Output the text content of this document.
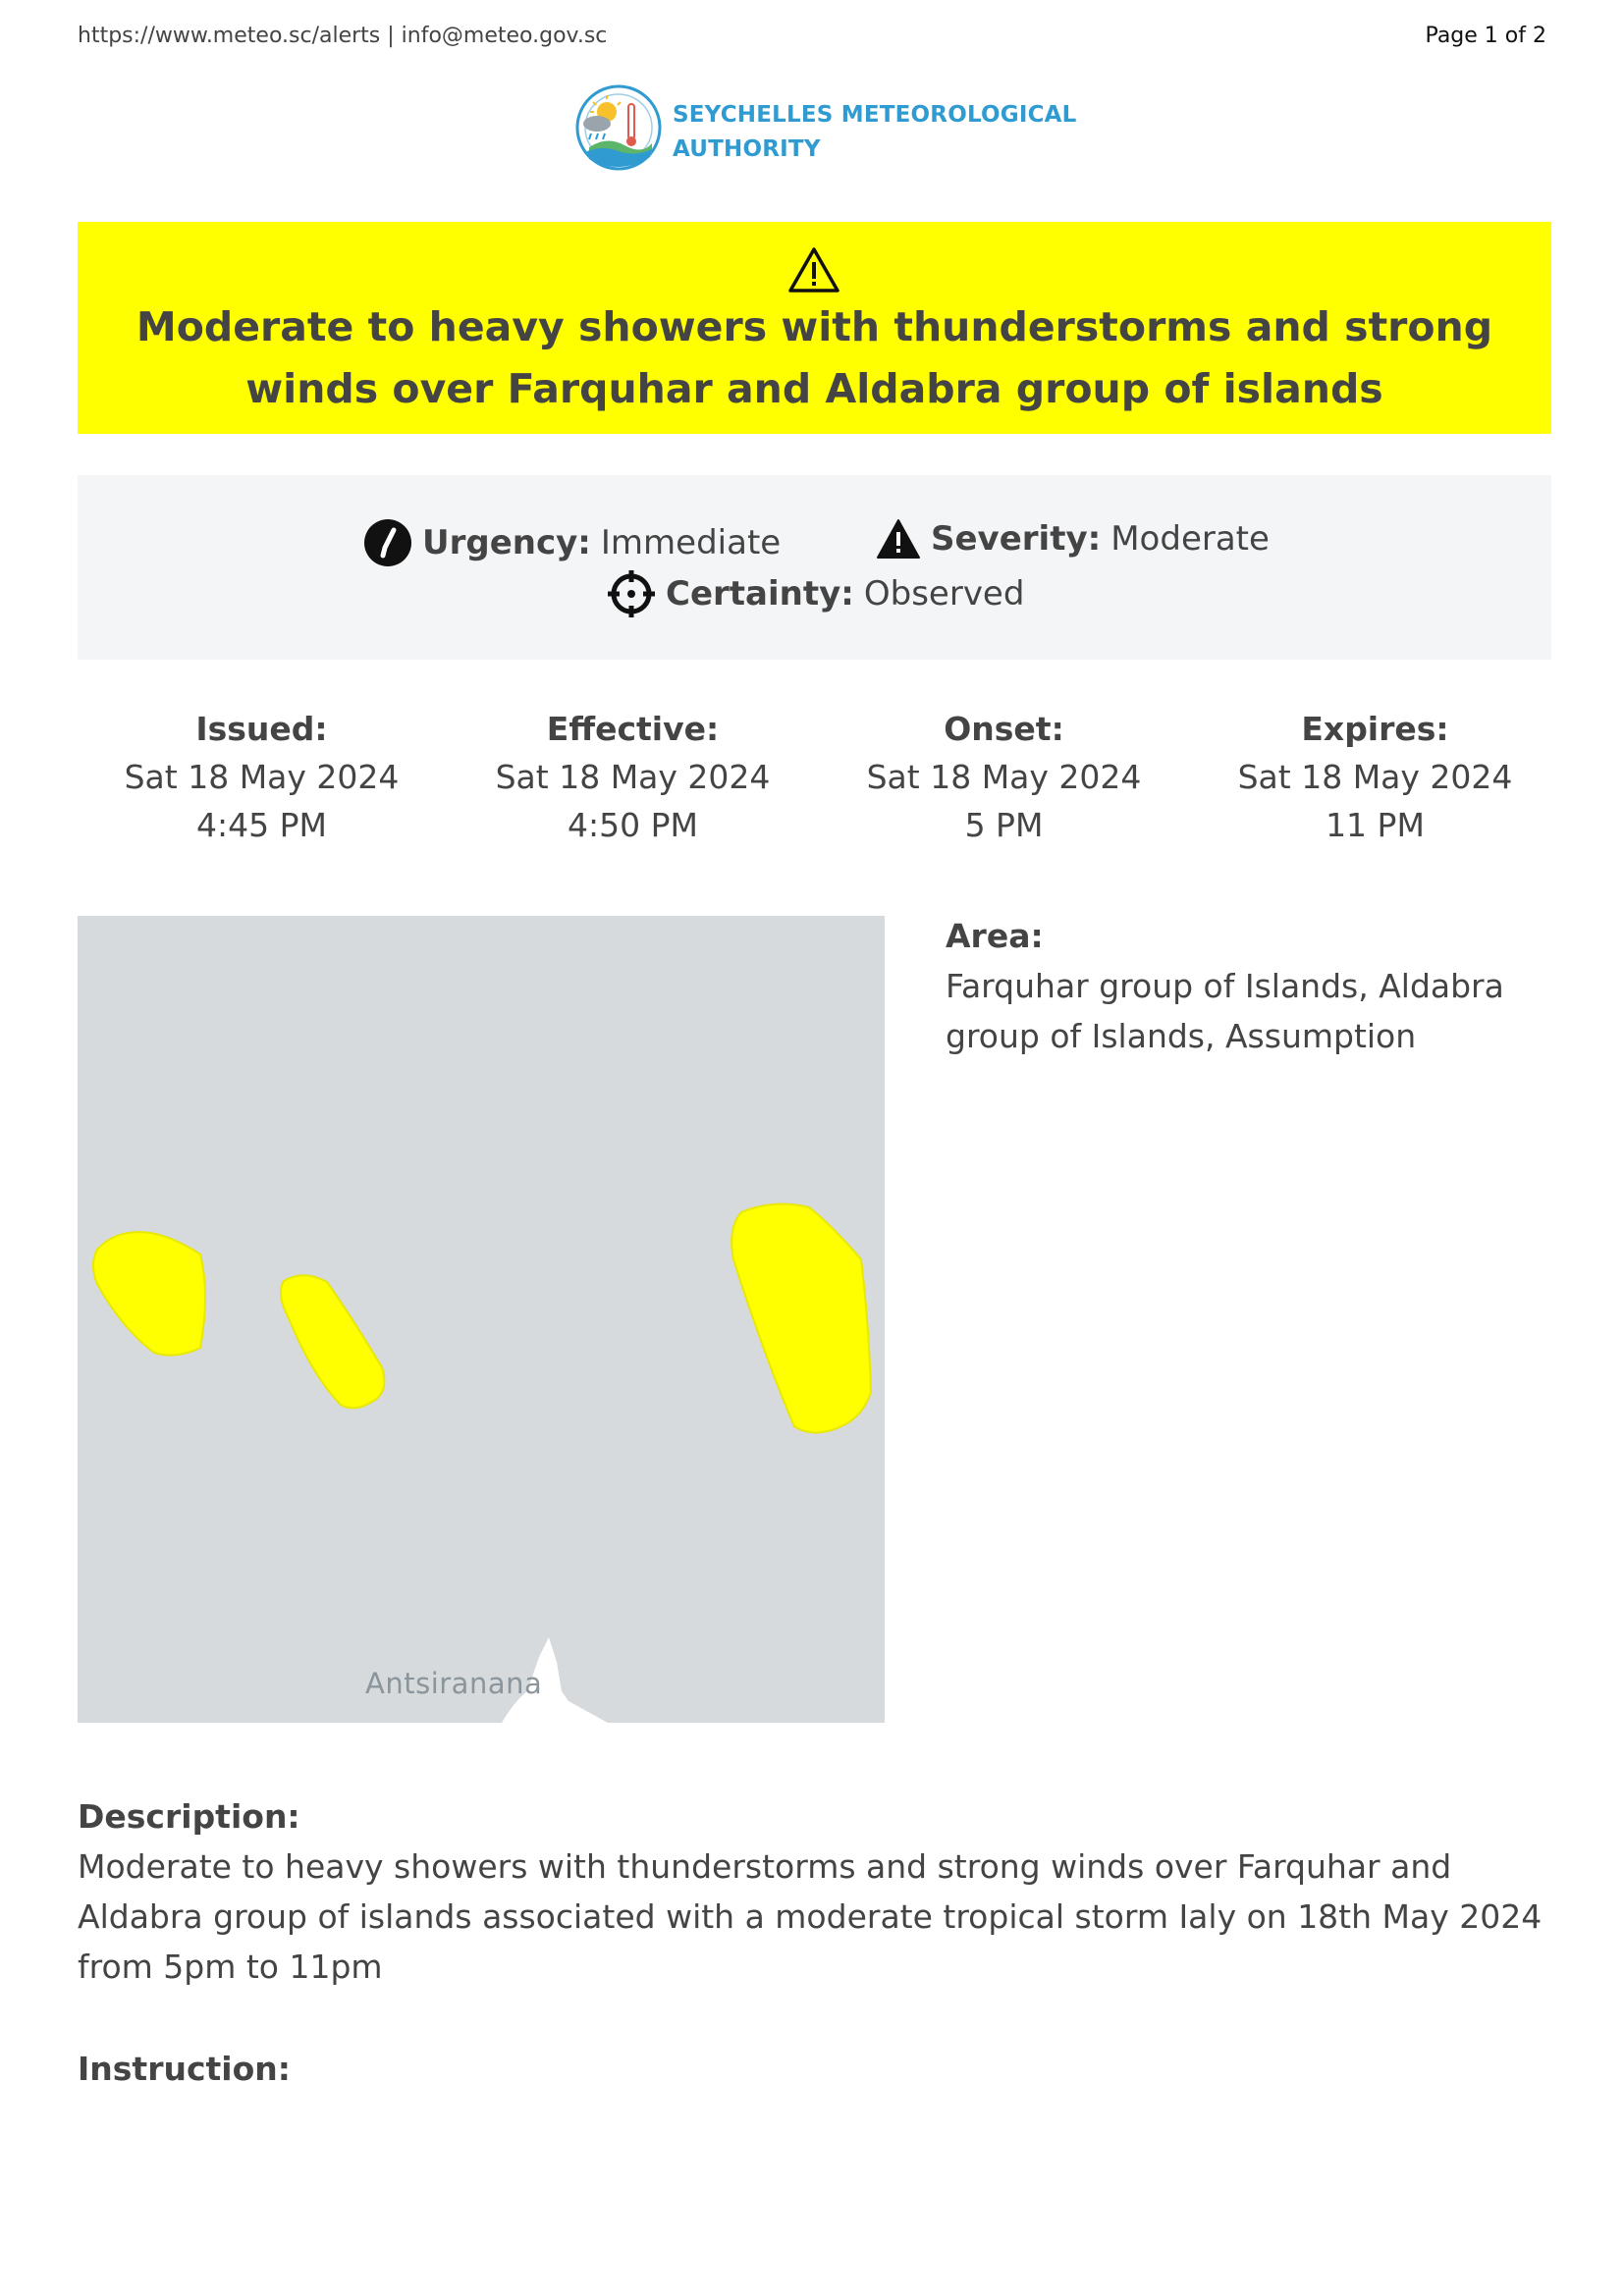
https://www.meteo.sc/alerts | info@meteo.gov.sc	Page 1 of 2
SEYCHELLES METEOROLOGICAL
AUTHORITY
Moderate to heavy showers with thunderstorms and strong winds over Farquhar and Aldabra group of islands
Urgency: Immediate	Severity: Moderate
Certainty: Observed
Issued:
Sat 18 May 2024
4:45 PM
Effective:
Sat 18 May 2024
4:50 PM
Onset:
Sat 18 May 2024
5 PM
Expires:
Sat 18 May 2024
11 PM
Antsiranana
Area:
Farquhar group of Islands, Aldabra group of Islands, Assumption
Description:
Moderate to heavy showers with thunderstorms and strong winds over Farquhar and Aldabra group of islands associated with a moderate tropical storm Ialy on 18th May 2024 from 5pm to 11pm
Instruction:
